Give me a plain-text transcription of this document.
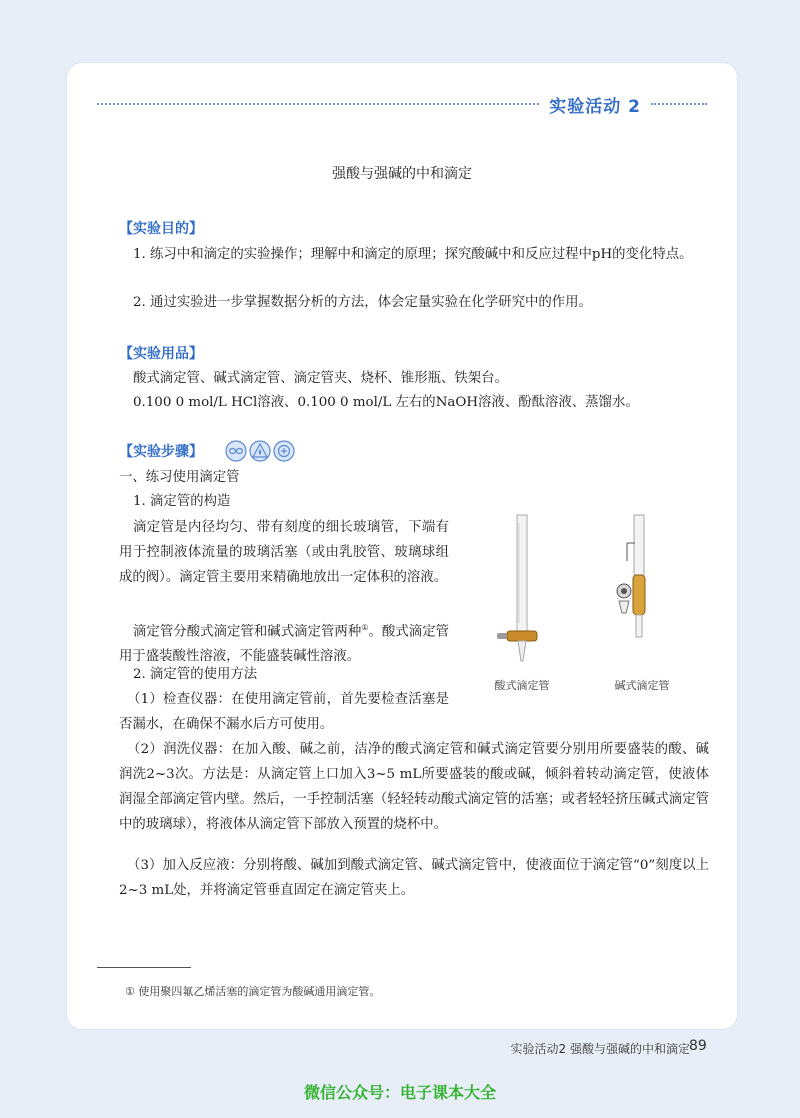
实验活动 2
强酸与强碱的中和滴定
【实验目的】
1. 练习中和滴定的实验操作；理解中和滴定的原理；探究酸碱中和反应过程中pH的变化特点。
2. 通过实验进一步掌握数据分析的方法，体会定量实验在化学研究中的作用。
【实验用品】
酸式滴定管、碱式滴定管、滴定管夹、烧杯、锥形瓶、铁架台。
0.100 0 mol/L HCl溶液、0.100 0 mol/L 左右的NaOH溶液、酚酞溶液、蒸馏水。
【实验步骤】
一、练习使用滴定管
1. 滴定管的构造
滴定管是内径均匀、带有刻度的细长玻璃管，下端有用于控制液体流量的玻璃活塞（或由乳胶管、玻璃球组成的阀）。滴定管主要用来精确地放出一定体积的溶液。
滴定管分酸式滴定管和碱式滴定管两种①。酸式滴定管用于盛装酸性溶液，不能盛装碱性溶液。
2. 滴定管的使用方法
（1）检查仪器：在使用滴定管前，首先要检查活塞是否漏水，在确保不漏水后方可使用。
（2）润洗仪器：在加入酸、碱之前，洁净的酸式滴定管和碱式滴定管要分别用所要盛装的酸、碱润洗2~3次。方法是：从滴定管上口加入3~5 mL所要盛装的酸或碱，倾斜着转动滴定管，使液体润湿全部滴定管内壁。然后，一手控制活塞（轻轻转动酸式滴定管的活塞；或者轻轻挤压碱式滴定管中的玻璃球），将液体从滴定管下部放入预置的烧杯中。
（3）加入反应液：分别将酸、碱加到酸式滴定管、碱式滴定管中，使液面位于滴定管“0”刻度以上2~3 mL处，并将滴定管垂直固定在滴定管夹上。
酸式滴定管	碱式滴定管
① 使用聚四氟乙烯活塞的滴定管为酸碱通用滴定管。
实验活动2 强酸与强碱的中和滴定 89
微信公众号：电子课本大全
